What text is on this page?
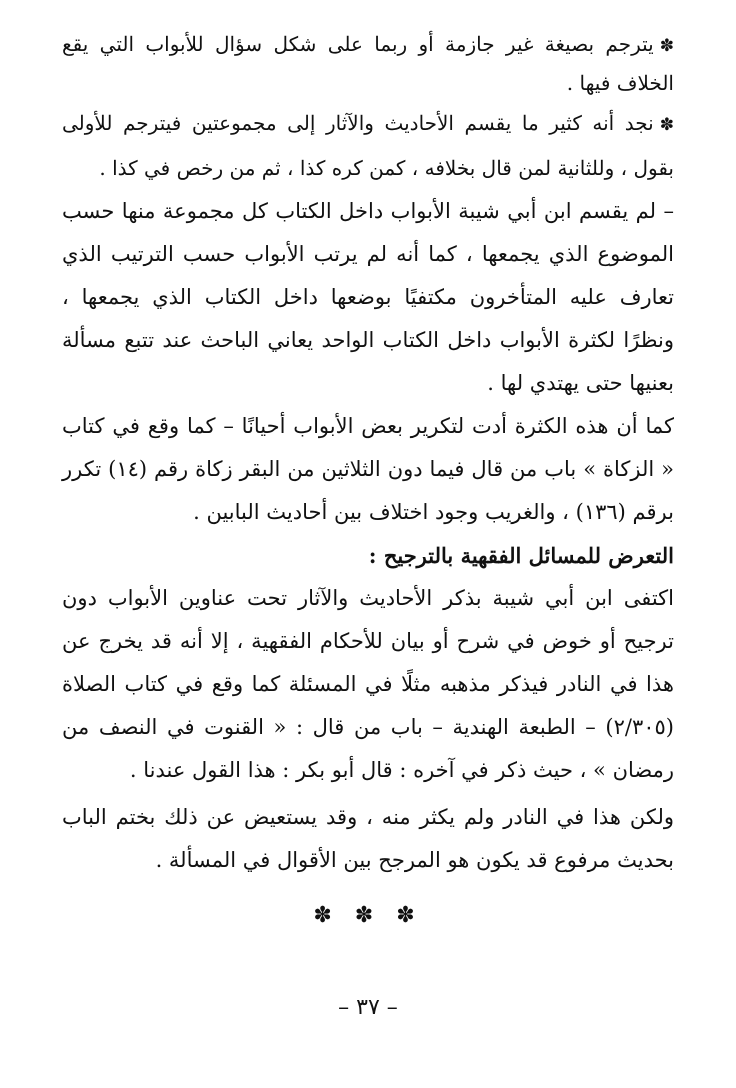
✽يترجم بصيغة غير جازمة أو ربما على شكل سؤال للأبواب التي يقع الخلاف فيها .

✽نجد أنه كثير ما يقسم الأحاديث والآثار إلى مجموعتين فيترجم للأولى بقول ، وللثانية لمن قال بخلافه ، كمن كره كذا ، ثم من رخص في كذا .

– لم يقسم ابن أبي شيبة الأبواب داخل الكتاب كل مجموعة منها حسب الموضوع الذي يجمعها ، كما أنه لم يرتب الأبواب حسب الترتيب الذي تعارف عليه المتأخرون مكتفيًا بوضعها داخل الكتاب الذي يجمعها ، ونظرًا لكثرة الأبواب داخل الكتاب الواحد يعاني الباحث عند تتبع مسألة بعنيها حتى يهتدي لها .

كما أن هذه الكثرة أدت لتكرير بعض الأبواب أحيانًا – كما وقع في كتاب « الزكاة » باب من قال فيما دون الثلاثين من البقر زكاة رقم (١٤) تكرر برقم (١٣٦) ، والغريب وجود اختلاف بين أحاديث البابين .

التعرض للمسائل الفقهية بالترجيح :

اكتفى ابن أبي شيبة بذكر الأحاديث والآثار تحت عناوين الأبواب دون ترجيح أو خوض في شرح أو بيان للأحكام الفقهية ، إلا أنه قد يخرج عن هذا في النادر فيذكر مذهبه مثلًا في المسئلة كما وقع في كتاب الصلاة (٢/٣٠٥) – الطبعة الهندية – باب من قال : « القنوت في النصف من رمضان » ، حيث ذكر في آخره : قال أبو بكر : هذا القول عندنا .

ولكن هذا في النادر ولم يكثر منه ، وقد يستعيض عن ذلك بختم الباب بحديث مرفوع قد يكون هو المرجح بين الأقوال في المسألة .

✽ ✽ ✽
– ٣٧ –
